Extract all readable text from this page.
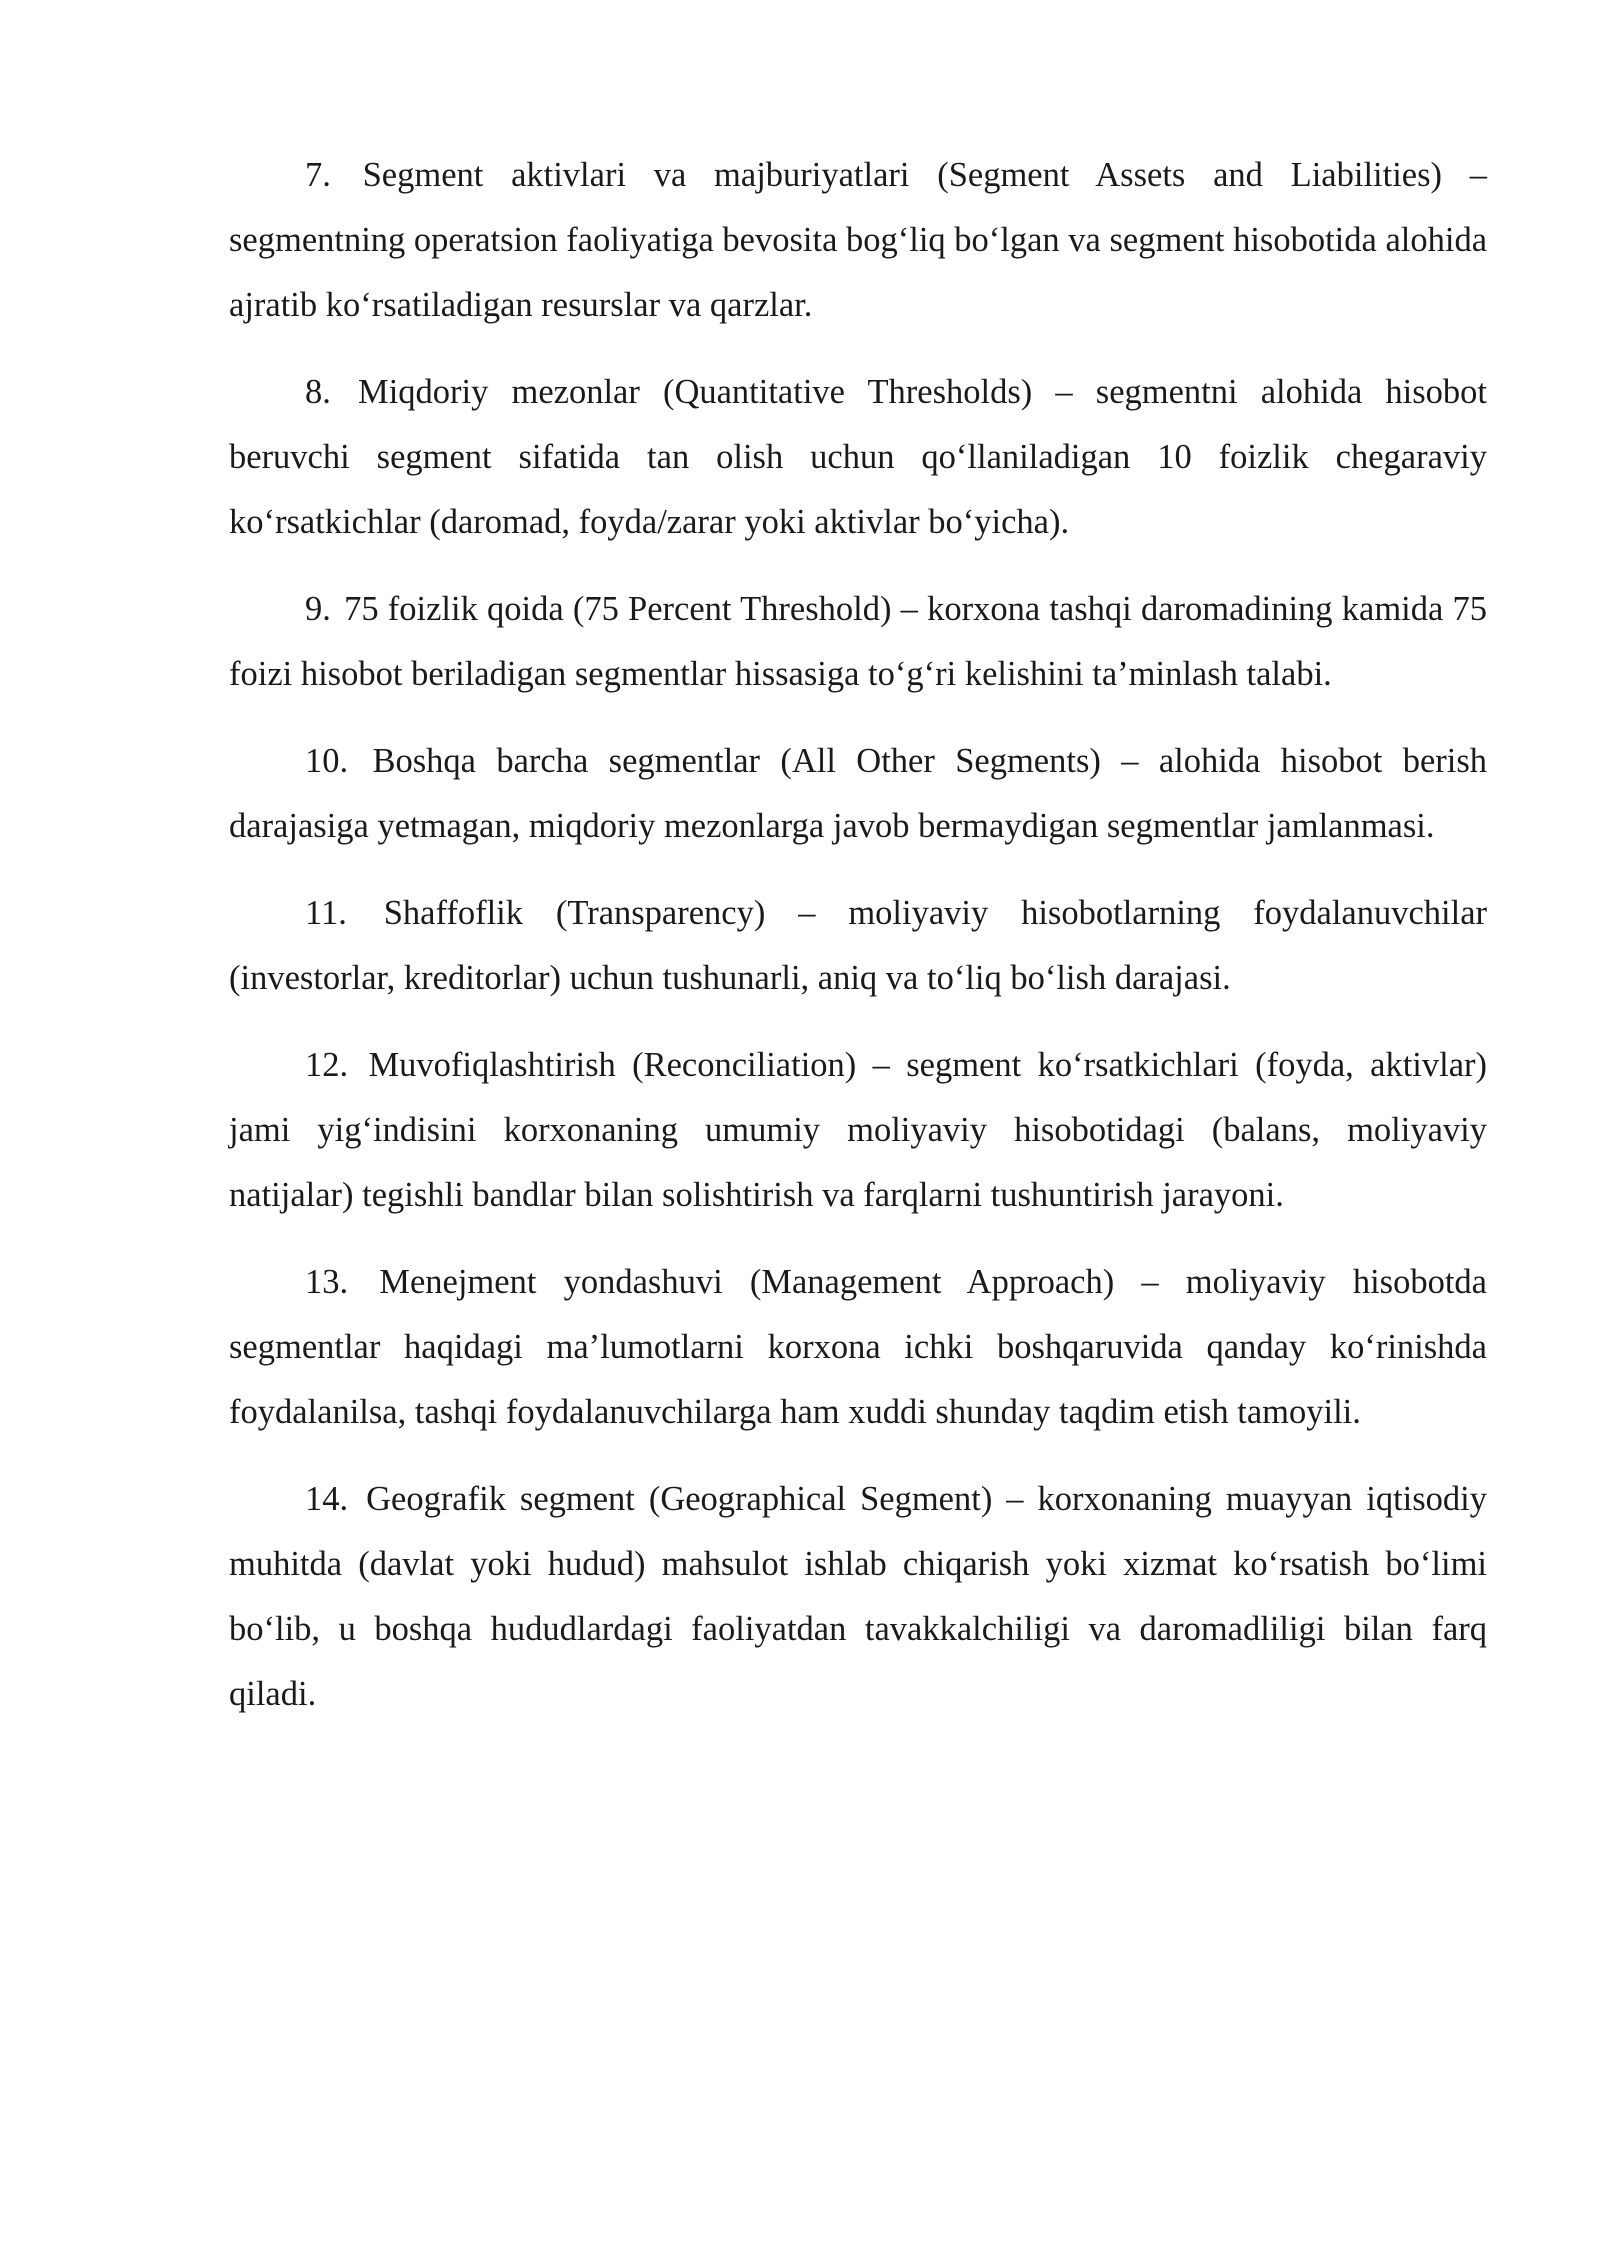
7. Segment aktivlari va majburiyatlari (Segment Assets and Liabilities) – segmentning operatsion faoliyatiga bevosita bog‘liq bo‘lgan va segment hisobotida alohida ajratib ko‘rsatiladigan resurslar va qarzlar.

8. Miqdoriy mezonlar (Quantitative Thresholds) – segmentni alohida hisobot beruvchi segment sifatida tan olish uchun qo‘llaniladigan 10 foizlik chegaraviy ko‘rsatkichlar (daromad, foyda/zarar yoki aktivlar bo‘yicha).

9. 75 foizlik qoida (75 Percent Threshold) – korxona tashqi daromadining kamida 75 foizi hisobot beriladigan segmentlar hissasiga to‘g‘ri kelishini ta’minlash talabi.

10. Boshqa barcha segmentlar (All Other Segments) – alohida hisobot berish darajasiga yetmagan, miqdoriy mezonlarga javob bermaydigan segmentlar jamlanmasi.

11. Shaffoflik (Transparency) – moliyaviy hisobotlarning foydalanuvchilar (investorlar, kreditorlar) uchun tushunarli, aniq va to‘liq bo‘lish darajasi.

12. Muvofiqlashtirish (Reconciliation) – segment ko‘rsatkichlari (foyda, aktivlar) jami yig‘indisini korxonaning umumiy moliyaviy hisobotidagi (balans, moliyaviy natijalar) tegishli bandlar bilan solishtirish va farqlarni tushuntirish jarayoni.

13. Menejment yondashuvi (Management Approach) – moliyaviy hisobotda segmentlar haqidagi ma’lumotlarni korxona ichki boshqaruvida qanday ko‘rinishda foydalanilsa, tashqi foydalanuvchilarga ham xuddi shunday taqdim etish tamoyili.

14. Geografik segment (Geographical Segment) – korxonaning muayyan iqtisodiy muhitda (davlat yoki hudud) mahsulot ishlab chiqarish yoki xizmat ko‘rsatish bo‘limi bo‘lib, u boshqa hududlardagi faoliyatdan tavakkalchiligi va daromadliligi bilan farq qiladi.
